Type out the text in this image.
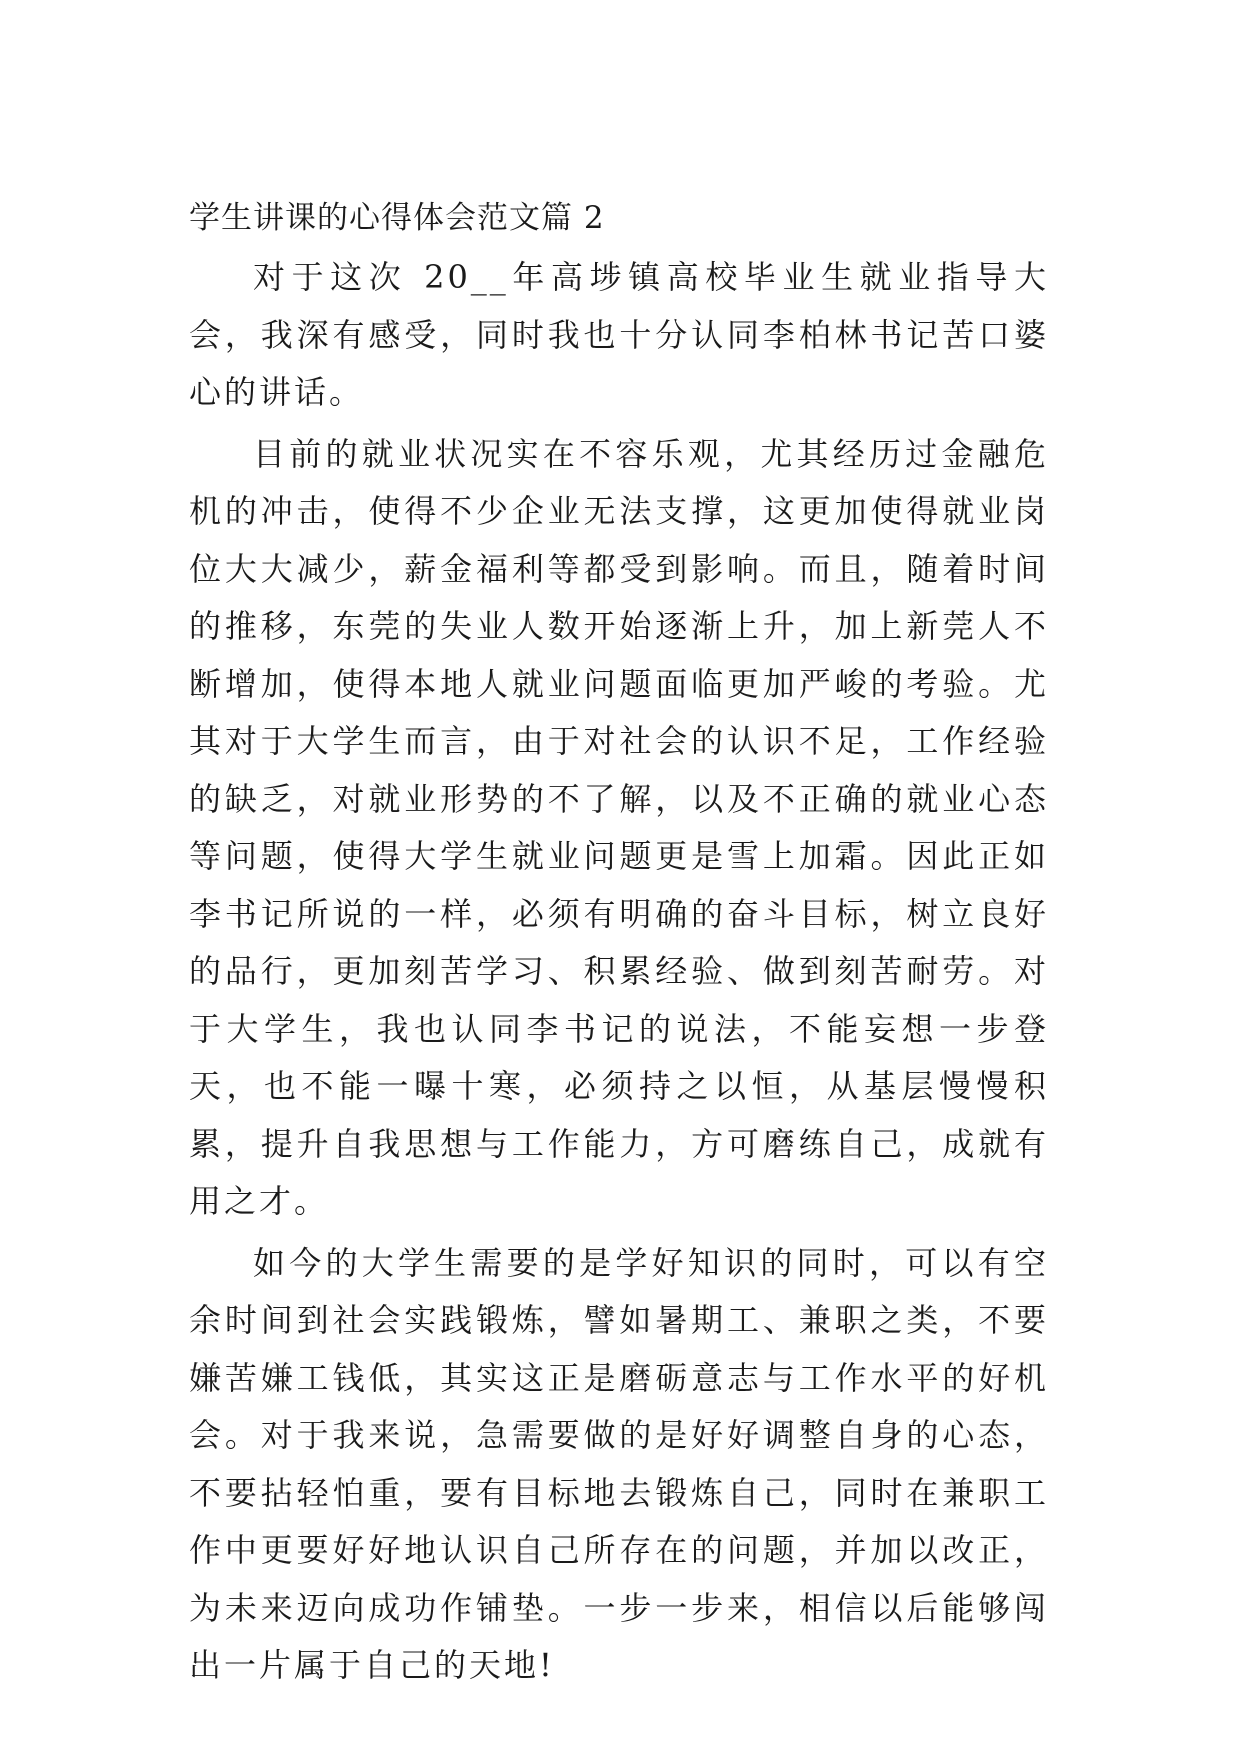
学生讲课的心得体会范文篇 2

对于这次 20__年高埗镇高校毕业生就业指导大会，我深有感受，同时我也十分认同李柏林书记苦口婆心的讲话。

目前的就业状况实在不容乐观，尤其经历过金融危机的冲击，使得不少企业无法支撑，这更加使得就业岗位大大减少，薪金福利等都受到影响。而且，随着时间的推移，东莞的失业人数开始逐渐上升，加上新莞人不断增加，使得本地人就业问题面临更加严峻的考验。尤其对于大学生而言，由于对社会的认识不足，工作经验的缺乏，对就业形势的不了解，以及不正确的就业心态等问题，使得大学生就业问题更是雪上加霜。因此正如李书记所说的一样，必须有明确的奋斗目标，树立良好的品行，更加刻苦学习、积累经验、做到刻苦耐劳。对于大学生，我也认同李书记的说法，不能妄想一步登天，也不能一曝十寒，必须持之以恒，从基层慢慢积累，提升自我思想与工作能力，方可磨练自己，成就有用之才。

如今的大学生需要的是学好知识的同时，可以有空余时间到社会实践锻炼，譬如暑期工、兼职之类，不要嫌苦嫌工钱低，其实这正是磨砺意志与工作水平的好机会。对于我来说，急需要做的是好好调整自身的心态，不要拈轻怕重，要有目标地去锻炼自己，同时在兼职工作中更要好好地认识自己所存在的问题，并加以改正，为未来迈向成功作铺垫。一步一步来，相信以后能够闯出一片属于自己的天地!
